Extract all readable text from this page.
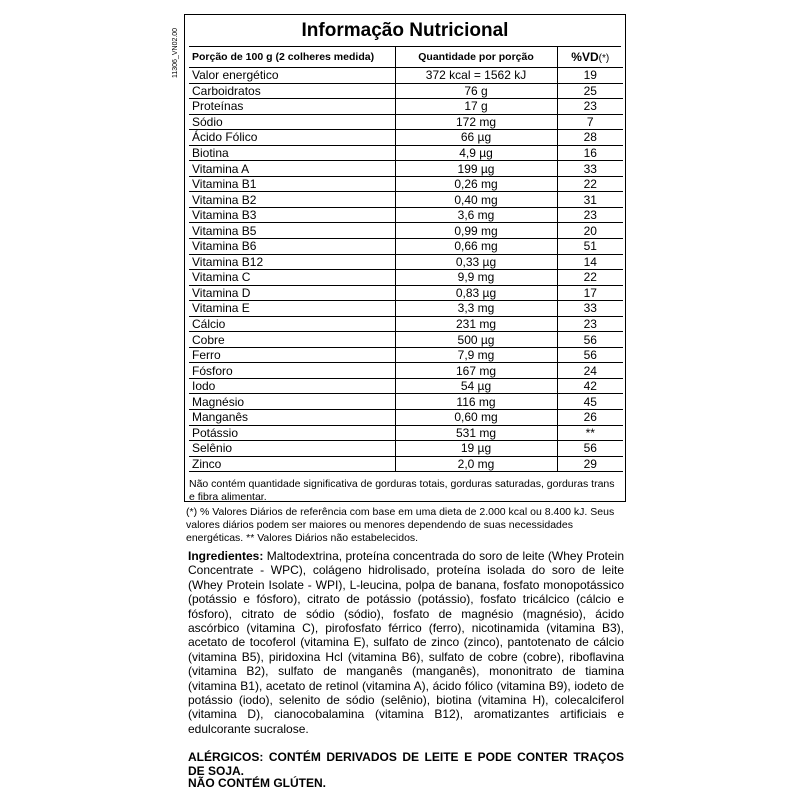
11306_VN02.00	Informação Nutricional
Porção de 100 g (2 colheres medida)	Quantidade por porção	%VD(*)
Valor energético	372 kcal = 1562 kJ	19
Carboidratos	76 g	25
Proteínas	17 g	23
Sódio	172 mg	7
Ácido Fólico	66 µg	28
Biotina	4,9 µg	16
Vitamina A	199 µg	33
Vitamina B1	0,26 mg	22
Vitamina B2	0,40 mg	31
Vitamina B3	3,6 mg	23
Vitamina B5	0,99 mg	20
Vitamina B6	0,66 mg	51
Vitamina B12	0,33 µg	14
Vitamina C	9,9 mg	22
Vitamina D	0,83 µg	17
Vitamina E	3,3 mg	33
Cálcio	231 mg	23
Cobre	500 µg	56
Ferro	7,9 mg	56
Fósforo	167 mg	24
Iodo	54 µg	42
Magnésio	116 mg	45
Manganês	0,60 mg	26
Potássio	531 mg	**
Selênio	19 µg	56
Zinco	2,0 mg	29
Não contém quantidade significativa de gorduras totais, gorduras saturadas, gorduras trans e fibra alimentar.
(*) % Valores Diários de referência com base em uma dieta de 2.000 kcal ou 8.400 kJ. Seus valores diários podem ser maiores ou menores dependendo de suas necessidades energéticas. ** Valores Diários não estabelecidos.

Ingredientes: Maltodextrina, proteína concentrada do soro de leite (Whey Protein Concentrate - WPC), colágeno hidrolisado, proteína isolada do soro de leite (Whey Protein Isolate - WPI), L-leucina, polpa de banana, fosfato monopotássico (potássio e fósforo), citrato de potássio (potássio), fosfato tricálcico (cálcio e fósforo), citrato de sódio (sódio), fosfato de magnésio (magnésio), ácido ascórbico (vitamina C), pirofosfato férrico (ferro), nicotinamida (vitamina B3), acetato de tocoferol (vitamina E), sulfato de zinco (zinco), pantotenato de cálcio (vitamina B5), piridoxina Hcl (vitamina B6), sulfato de cobre (cobre), riboflavina (vitamina B2), sulfato de manganês (manganês), mononitrato de tiamina (vitamina B1), acetato de retinol (vitamina A), ácido fólico (vitamina B9), iodeto de potássio (iodo), selenito de sódio (selênio), biotina (vitamina H), colecalciferol (vitamina D), cianocobalamina (vitamina B12), aromatizantes artificiais e edulcorante sucralose.

ALÉRGICOS: CONTÉM DERIVADOS DE LEITE E PODE CONTER TRAÇOS DE SOJA.

NÃO CONTÉM GLÚTEN.
